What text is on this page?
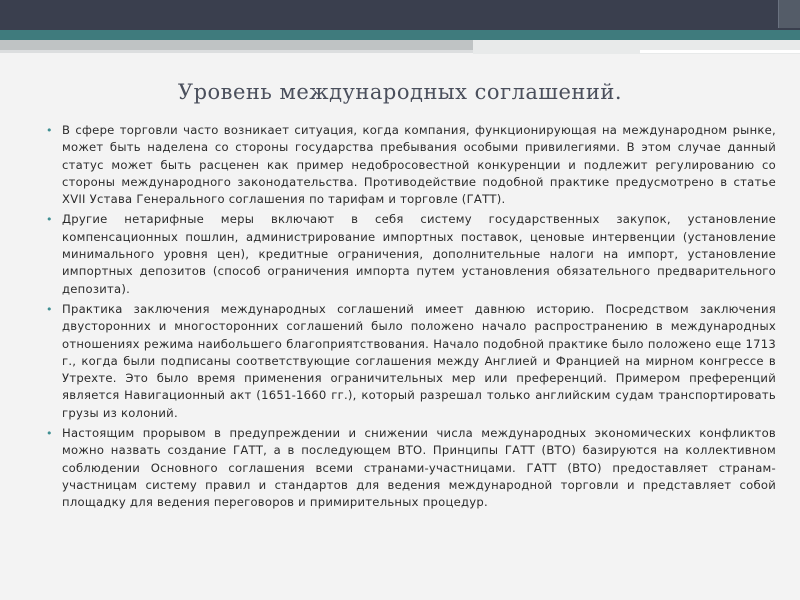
Уровень международных соглашений.
• В сфере торговли часто возникает ситуация, когда компания, функционирующая на международном рынке, может быть наделена со стороны государства пребывания особыми привилегиями. В этом случае данный статус может быть расценен как пример недобросовестной конкуренции и подлежит регулированию со стороны международного законодательства. Противодействие подобной практике предусмотрено в статье XVII Устава Генерального соглашения по тарифам и торговле (ГАТТ).
• Другие нетарифные меры включают в себя систему государственных закупок, установление компенсационных пошлин, администрирование импортных поставок, ценовые интервенции (установление минимального уровня цен), кредитные ограничения, дополнительные налоги на импорт, установление импортных депозитов (способ ограничения импорта путем установления обязательного предварительного депозита).
• Практика заключения международных соглашений имеет давнюю историю. Посредством заключения двусторонних и многосторонних соглашений было положено начало распространению в международных отношениях режима наибольшего благоприятствования. Начало подобной практике было положено еще 1713 г., когда были подписаны соответствующие соглашения между Англией и Францией на мирном конгрессе в Утрехте. Это было время применения ограничительных мер или преференций. Примером преференций является Навигационный акт (1651-1660 гг.), который разрешал только английским судам транспортировать грузы из колоний.
• Настоящим прорывом в предупреждении и снижении числа международных экономических конфликтов можно назвать создание ГАТТ, а в последующем ВТО. Принципы ГАТТ (ВТО) базируются на коллективном соблюдении Основного соглашения всеми странами-участницами. ГАТТ (ВТО) предоставляет странам-участницам систему правил и стандартов для ведения международной торговли и представляет собой площадку для ведения переговоров и примирительных процедур.
